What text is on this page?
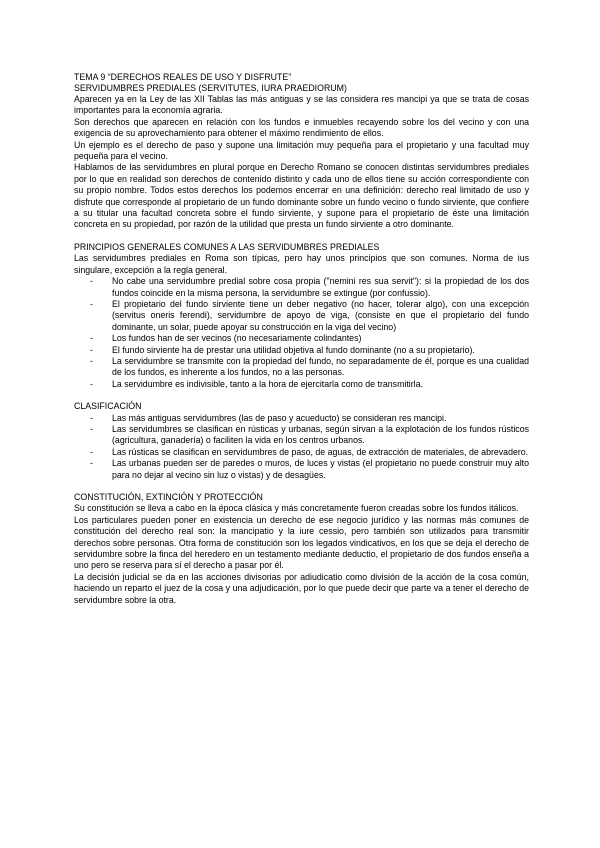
TEMA 9 “DERECHOS REALES DE USO Y DISFRUTE”
SERVIDUMBRES PREDIALES (SERVITUTES, IURA PRAEDIORUM)

Aparecen ya en la Ley de las XII Tablas las más antiguas y se las considera res mancipi ya que se trata de cosas importantes para la economía agraria.

Son derechos que aparecen en relación con los fundos e inmuebles recayendo sobre los del vecino y con una exigencia de su aprovechamiento para obtener el máximo rendimiento de ellos.

Un ejemplo es el derecho de paso y supone una limitación muy pequeña para el propietario y una facultad muy pequeña para el vecino.

Hablamos de las servidumbres en plural porque en Derecho Romano se conocen distintas servidumbres prediales por lo que en realidad son derechos de contenido distinto y cada uno de ellos tiene su acción correspondiente con su propio nombre. Todos estos derechos los podemos encerrar en una definición: derecho real limitado de uso y disfrute que corresponde al propietario de un fundo dominante sobre un fundo vecino o fundo sirviente, que confiere a su titular una facultad concreta sobre el fundo sirviente, y supone para el propietario de éste una limitación concreta en su propiedad, por razón de la utilidad que presta un fundo sirviente a otro dominante.

PRINCIPIOS GENERALES COMUNES A LAS SERVIDUMBRES PREDIALES

Las servidumbres prediales en Roma son típicas, pero hay unos principios que son comunes. Norma de ius singulare, excepción a la regla general.

- No cabe una servidumbre predial sobre cosa propia ("nemini res sua servit"): si la propiedad de los dos fundos coincide en la misma persona, la servidumbre se extingue (por confussio).
- El propietario del fundo sirviente tiene un deber negativo (no hacer, tolerar algo), con una excepción (servitus oneris ferendi), servidumbre de apoyo de viga, (consiste en que el propietario del fundo dominante, un solar, puede apoyar su construcción en la viga del vecino)
- Los fundos han de ser vecinos (no necesariamente colindantes)
- El fundo sirviente ha de prestar una utilidad objetiva al fundo dominante (no a su propietario).
- La servidumbre se transmite con la propiedad del fundo, no separadamente de él, porque es una cualidad de los fundos, es inherente a los fundos, no a las personas.
- La servidumbre es indivisible, tanto a la hora de ejercitarla como de transmitirla.

CLASIFICACIÓN

- Las más antiguas servidumbres (las de paso y acueducto) se consideran res mancipi.
- Las servidumbres se clasifican en rústicas y urbanas, según sirvan a la explotación de los fundos rústicos (agricultura, ganadería) o faciliten la vida en los centros urbanos.
- Las rústicas se clasifican en servidumbres de paso, de aguas, de extracción de materiales, de abrevadero.
- Las urbanas pueden ser de paredes o muros, de luces y vistas (el propietario no puede construir muy alto para no dejar al vecino sin luz o vistas) y de desagües.

CONSTITUCIÓN, EXTINCIÓN Y PROTECCIÓN

Su constitución se lleva a cabo en la época clásica y más concretamente fueron creadas sobre los fundos itálicos.

Los particulares pueden poner en existencia un derecho de ese negocio jurídico y las normas más comunes de constitución del derecho real son: la mancipatio y la iure cessio, pero también son utilizados para transmitir derechos sobre personas. Otra forma de constitución son los legados vindicativos, en los que se deja el derecho de servidumbre sobre la finca del heredero en un testamento mediante deductio, el propietario de dos fundos enseña a uno pero se reserva para sí el derecho a pasar por él.

La decisión judicial se da en las acciones divisorias por adiudicatio como división de la acción de la cosa común, haciendo un reparto el juez de la cosa y una adjudicación, por lo que puede decir que parte va a tener el derecho de servidumbre sobre la otra.
